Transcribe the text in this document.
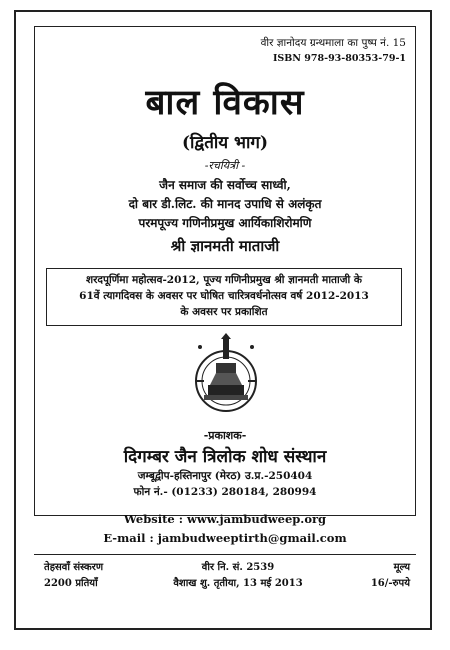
वीर ज्ञानोदय ग्रन्थमाला का पुष्प नं. 15
ISBN 978-93-80353-79-1
बाल विकास
(द्वितीय भाग)
-रचयित्री -
जैन समाज की सर्वोच्च साध्वी,
दो बार डी.लिट. की मानद उपाधि से अलंकृत
परमपूज्य गणिनीप्रमुख आर्यिकाशिरोमणि
श्री ज्ञानमती माताजी
शरदपूर्णिमा महोत्सव-2012, पूज्य गणिनीप्रमुख श्री ज्ञानमती माताजी के
61वें त्यागदिवस के अवसर पर घोषित चारित्रवर्धनोत्सव वर्ष 2012-2013
के अवसर पर प्रकाशित
-प्रकाशक-
दिगम्बर जैन त्रिलोक शोध संस्थान
जम्बूद्वीप-हस्तिनापुर (मेरठ) उ.प्र.-250404
फोन नं.- (01233) 280184, 280994
Website : www.jambudweep.org
E-mail : jambudweeptirth@gmail.com
तेहसवाँ संस्करण
2200 प्रतियाँ
वीर नि. सं. 2539
वैशाख शु. तृतीया, 13 मई 2013
मूल्य
16/-रुपये
